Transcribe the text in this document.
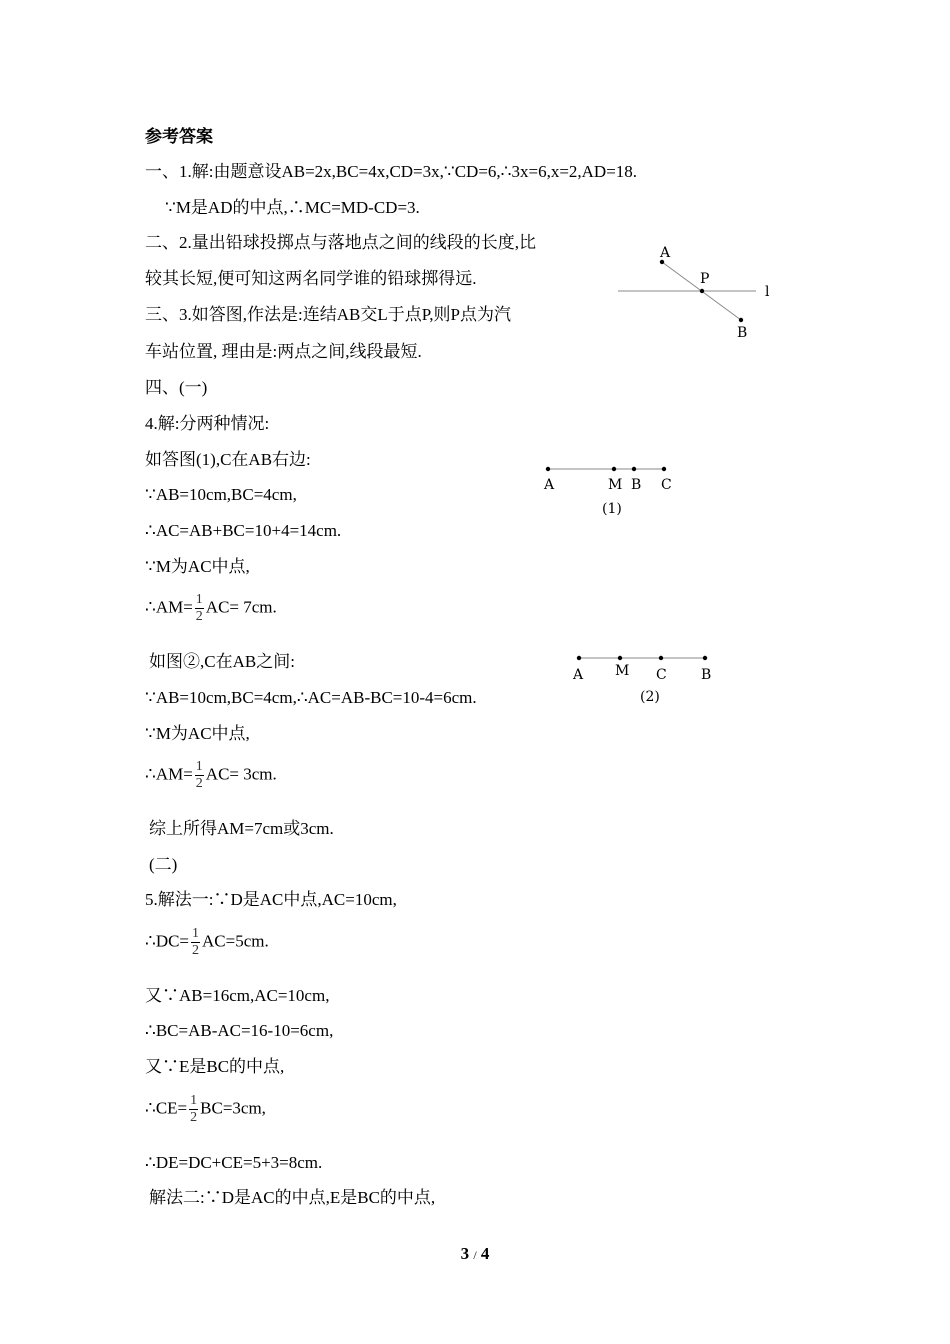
参考答案
一、1.解:由题意设AB=2x,BC=4x,CD=3x,∵CD=6,∴3x=6,x=2,AD=18.
∵M是AD的中点,∴MC=MD-CD=3.
二、2.量出铅球投掷点与落地点之间的线段的长度,比
较其长短,便可知这两名同学谁的铅球掷得远.
三、3.如答图,作法是:连结AB交L于点P,则P点为汽
车站位置, 理由是:两点之间,线段最短.
四、(一)
4.解:分两种情况:
如答图(1),C在AB右边:
∵AB=10cm,BC=4cm,
∴AC=AB+BC=10+4=14cm.
∵M为AC中点,
∴AM= $\frac{1}{2} AC= 7cm$.
如图②,C在AB之间:
∵AB=10cm,BC=4cm,∴AC=AB-BC=10-4=6cm.
∵M为AC中点,
∴AM= $\frac{1}{2} AC= 3cm$.
综上所得AM=7cm或3cm.
(二)
5.解法一:∵D是AC中点,AC=10cm,
∴DC= $\frac{1}{2} AC=5cm$.
又∵AB=16cm,AC=10cm,
∴BC=AB-AC=16-10=6cm,
又∵E是BC的中点,
∴CE= $\frac{1}{2} BC=3cm$,
∴DE=DC+CE=5+3=8cm.
解法二:∵D是AC的中点,E是BC的中点,
A
P
l
B
A	M B C
(1)
A M C B
(2)
3 / 4
